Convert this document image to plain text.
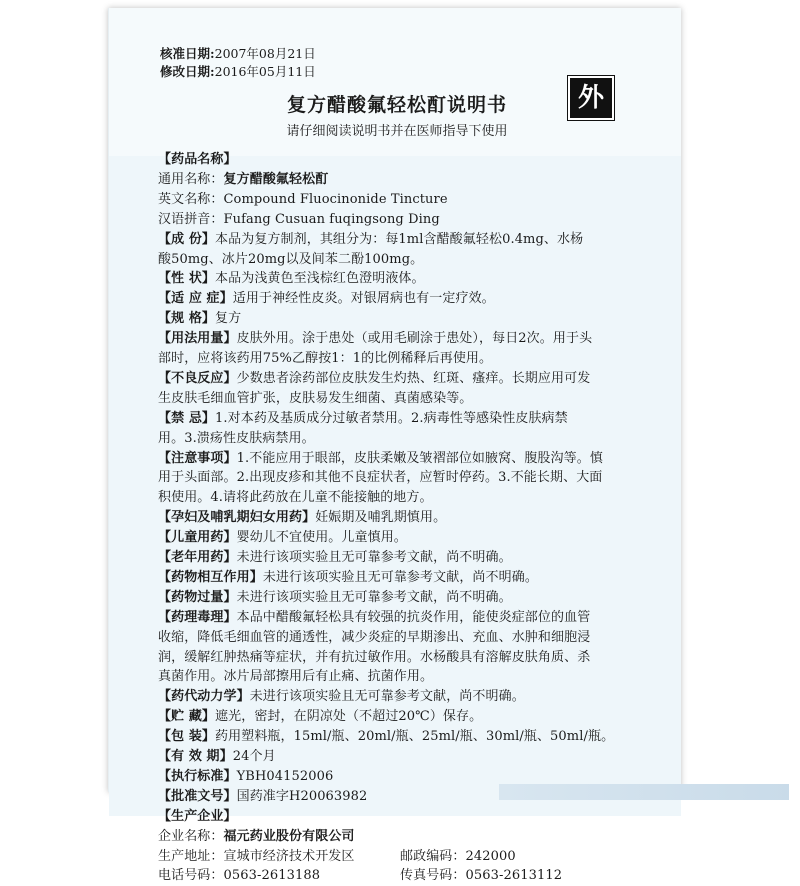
核准日期:2007年08月21日
修改日期:2016年05月11日
外
复方醋酸氟轻松酊说明书
请仔细阅读说明书并在医师指导下使用
【药品名称】
通用名称：复方醋酸氟轻松酊
英文名称：Compound Fluocinonide Tincture
汉语拼音：Fufang Cusuan fuqingsong Ding
【成 份】本品为复方制剂，其组分为：每1ml含醋酸氟轻松0.4mg、水杨
酸50mg、冰片20mg以及间苯二酚100mg。
【性 状】本品为浅黄色至浅棕红色澄明液体。
【适 应 症】适用于神经性皮炎。对银屑病也有一定疗效。
【规 格】复方
【用法用量】皮肤外用。涂于患处（或用毛刷涂于患处），每日2次。用于头
部时，应将该药用75%乙醇按1：1的比例稀释后再使用。
【不良反应】少数患者涂药部位皮肤发生灼热、红斑、瘙痒。长期应用可发
生皮肤毛细血管扩张，皮肤易发生细菌、真菌感染等。
【禁 忌】1.对本药及基质成分过敏者禁用。2.病毒性等感染性皮肤病禁
用。3.溃疡性皮肤病禁用。
【注意事项】1.不能应用于眼部，皮肤柔嫩及皱褶部位如腋窝、腹股沟等。慎
用于头面部。2.出现皮疹和其他不良症状者，应暂时停药。3.不能长期、大面
积使用。4.请将此药放在儿童不能接触的地方。
【孕妇及哺乳期妇女用药】妊娠期及哺乳期慎用。
【儿童用药】婴幼儿不宜使用。儿童慎用。
【老年用药】未进行该项实验且无可靠参考文献，尚不明确。
【药物相互作用】未进行该项实验且无可靠参考文献，尚不明确。
【药物过量】未进行该项实验且无可靠参考文献，尚不明确。
【药理毒理】本品中醋酸氟轻松具有较强的抗炎作用，能使炎症部位的血管
收缩，降低毛细血管的通透性，减少炎症的早期渗出、充血、水肿和细胞浸
润，缓解红肿热痛等症状，并有抗过敏作用。水杨酸具有溶解皮肤角质、杀
真菌作用。冰片局部擦用后有止痛、抗菌作用。
【药代动力学】未进行该项实验且无可靠参考文献，尚不明确。
【贮 藏】遮光，密封，在阴凉处（不超过20℃）保存。
【包 装】药用塑料瓶，15ml/瓶、20ml/瓶、25ml/瓶、30ml/瓶、50ml/瓶。
【有 效 期】24个月
【执行标准】YBH04152006
【批准文号】国药准字H20063982
【生产企业】
企业名称：福元药业股份有限公司
生产地址：宣城市经济技术开发区	邮政编码：242000
电话号码：0563-2613188	传真号码：0563-2613112
